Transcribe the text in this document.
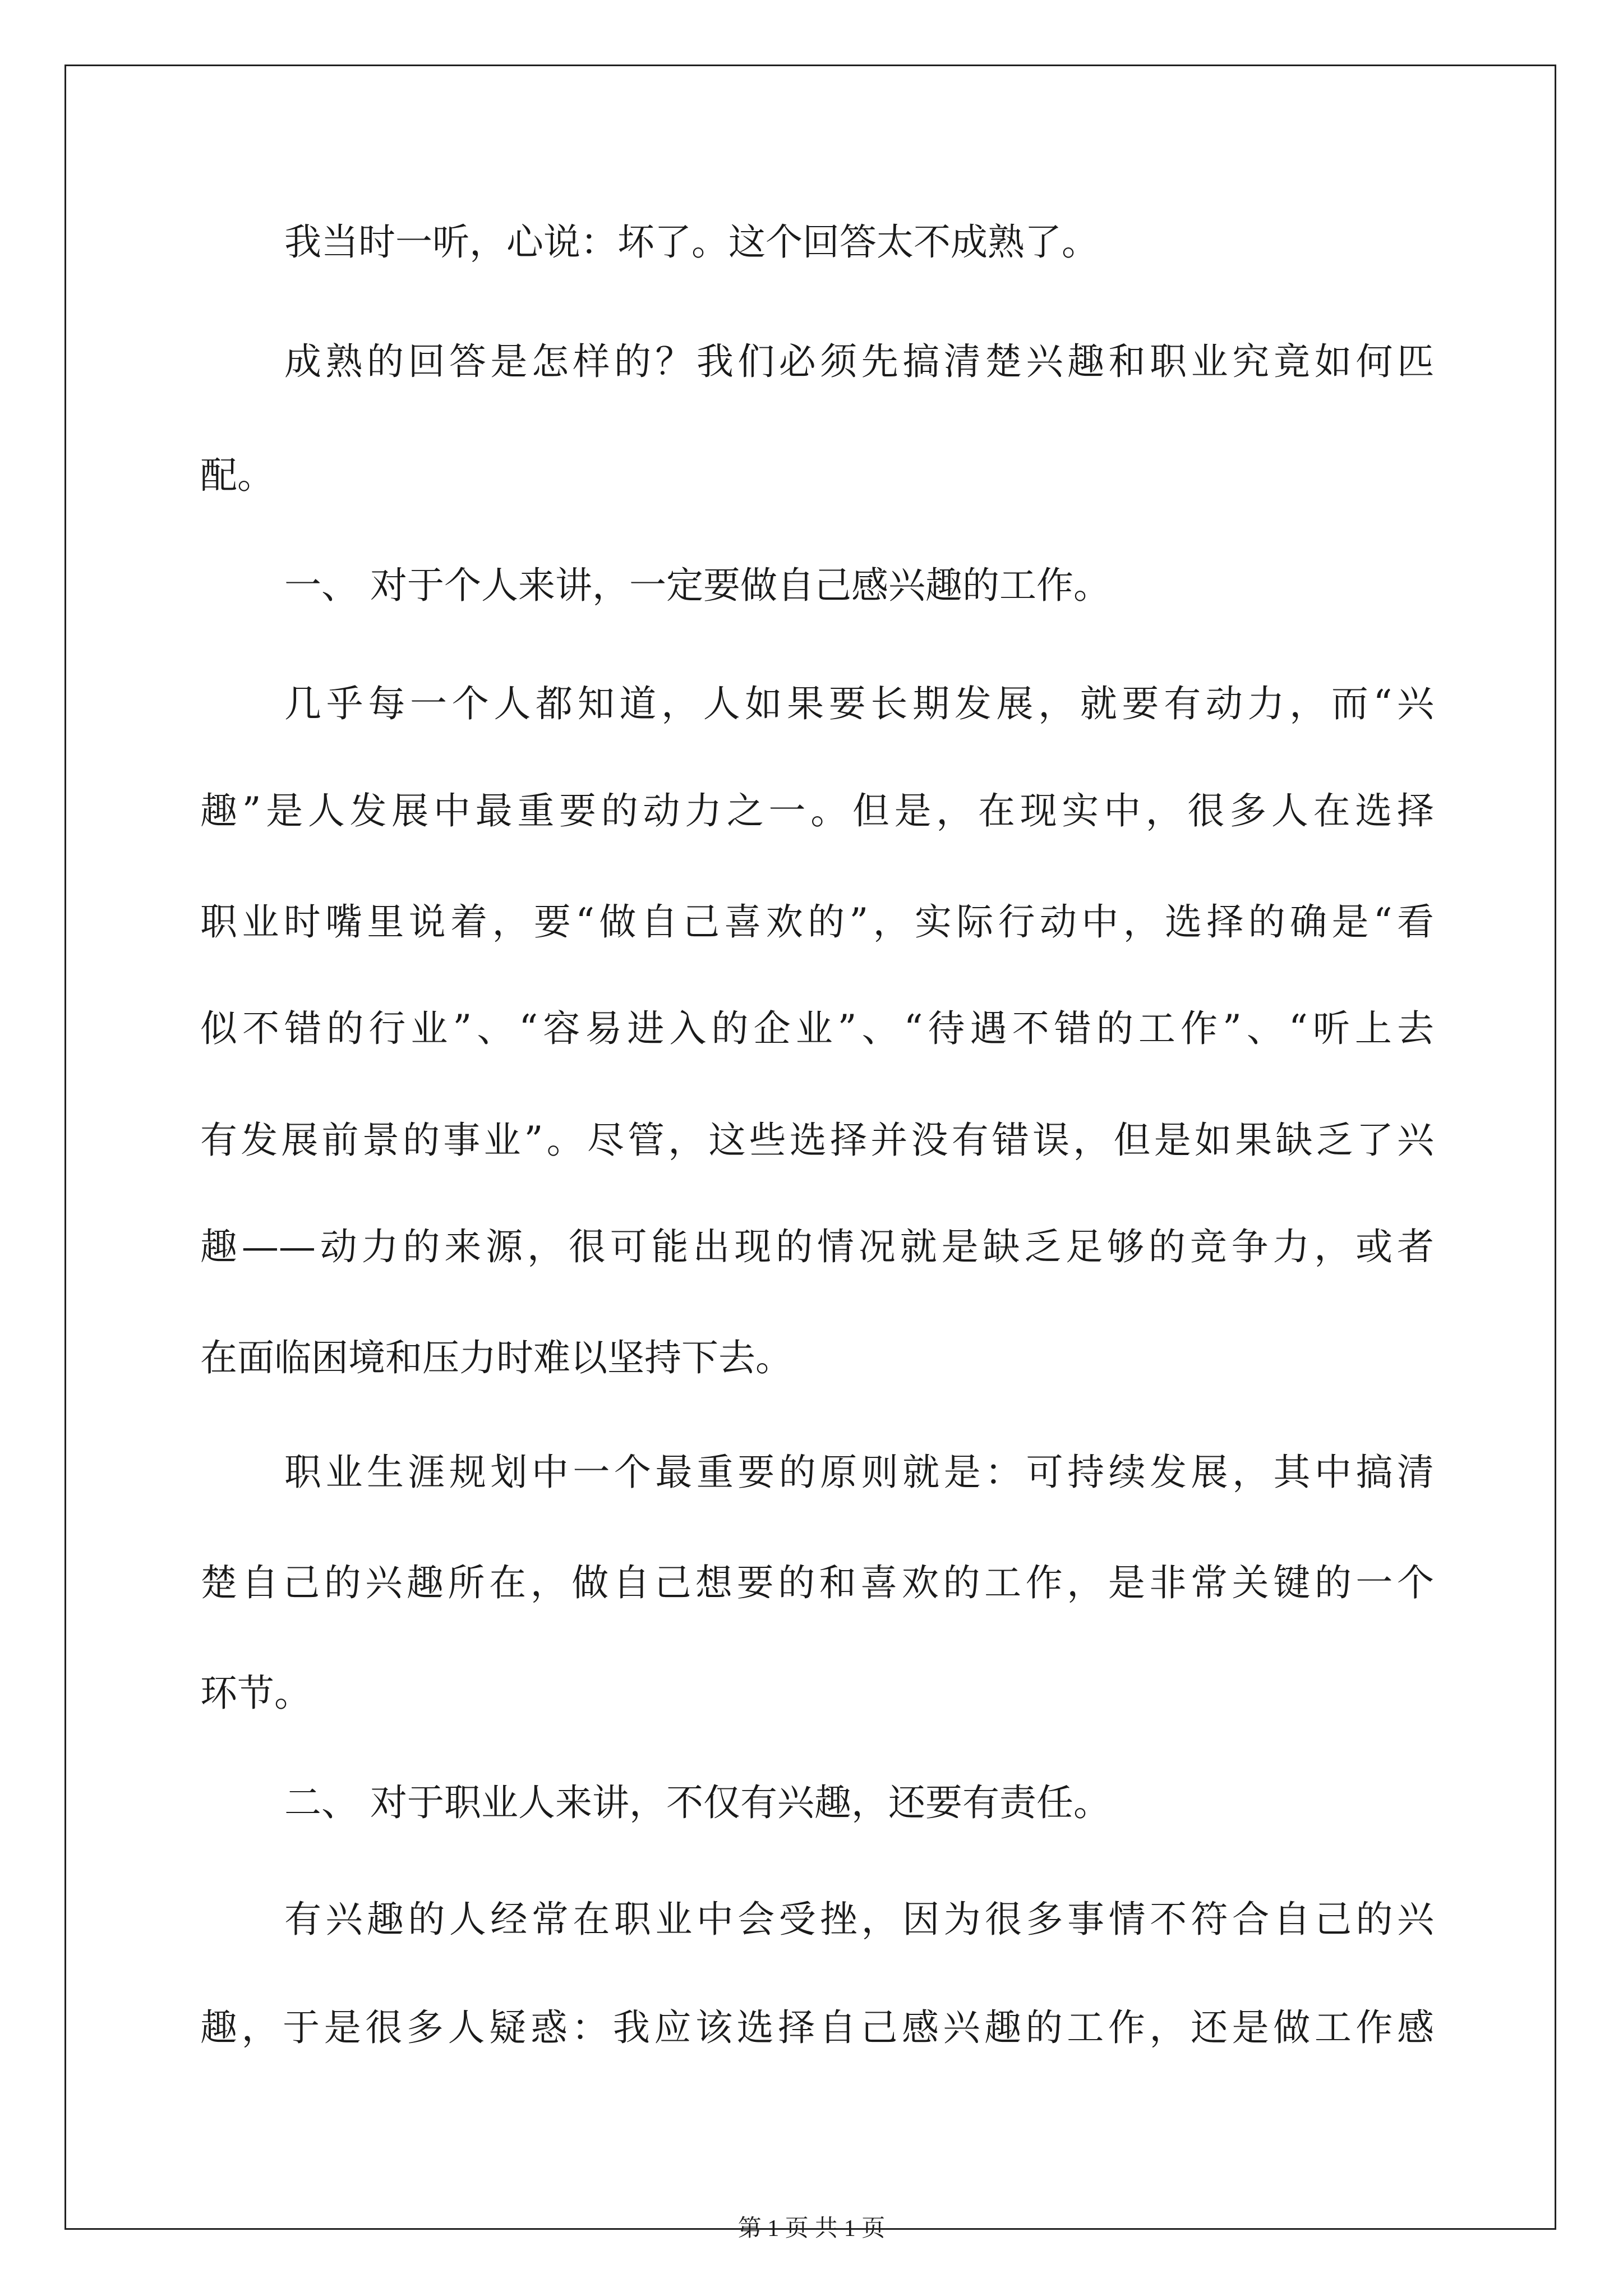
我当时一听，心说：坏了。这个回答太不成熟了。
成熟的回答是怎样的？我们必须先搞清楚兴趣和职业究竟如何匹
配。
一、 对于个人来讲，一定要做自己感兴趣的工作。
几乎每一个人都知道，人如果要长期发展，就要有动力，而“兴
趣”是人发展中最重要的动力之一。但是，在现实中，很多人在选择
职业时嘴里说着，要“做自己喜欢的”，实际行动中，选择的确是“看
似不错的行业”、“容易进入的企业”、“待遇不错的工作”、“听上去
有发展前景的事业”。尽管，这些选择并没有错误，但是如果缺乏了兴
趣——动力的来源，很可能出现的情况就是缺乏足够的竞争力，或者
在面临困境和压力时难以坚持下去。
职业生涯规划中一个最重要的原则就是：可持续发展，其中搞清
楚自己的兴趣所在，做自己想要的和喜欢的工作，是非常关键的一个
环节。
二、 对于职业人来讲，不仅有兴趣，还要有责任。
有兴趣的人经常在职业中会受挫，因为很多事情不符合自己的兴
趣，于是很多人疑惑：我应该选择自己感兴趣的工作，还是做工作感
第 1 页 共 1 页
